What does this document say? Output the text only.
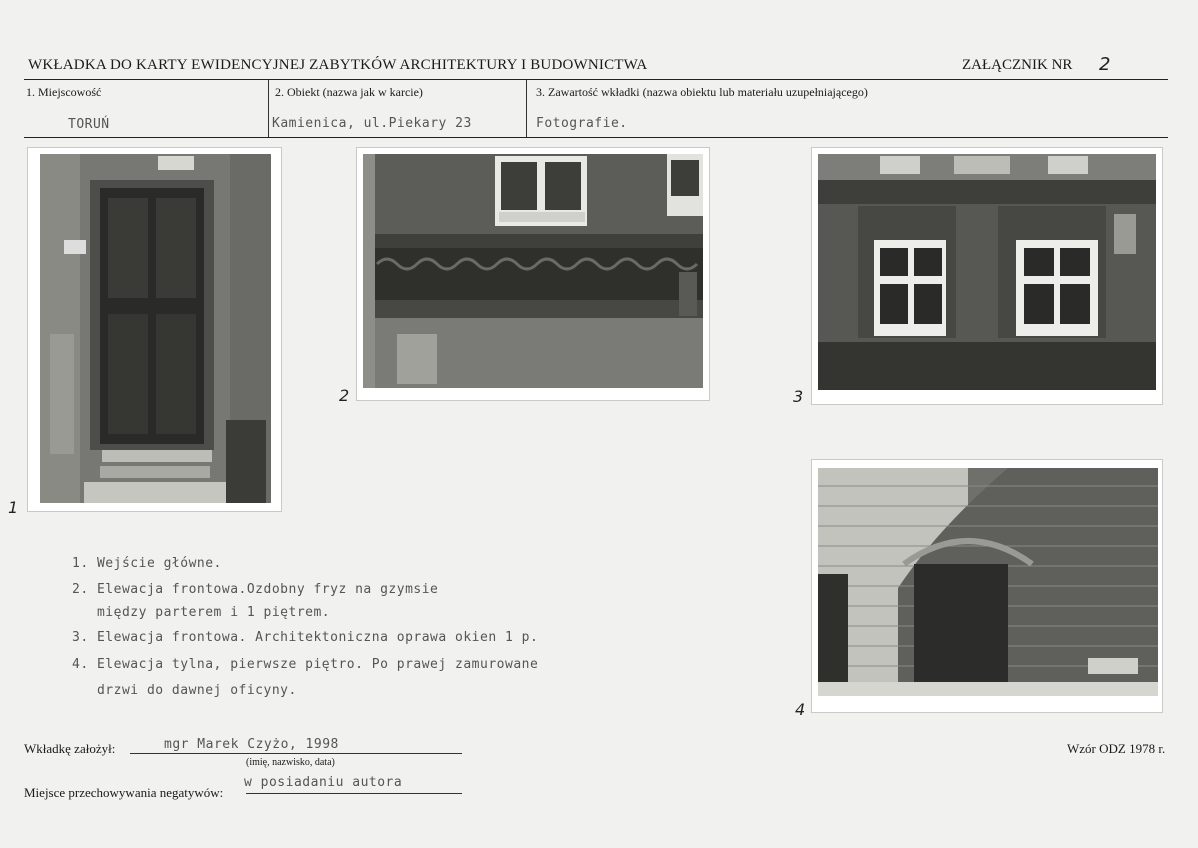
WKŁADKA DO KARTY EWIDENCYJNEJ ZABYTKÓW ARCHITEKTURY I BUDOWNICTWA	ZAŁĄCZNIK NR 2
1. Miejscowość
TORUŃ
2. Obiekt (nazwa jak w karcie)
Kamienica, ul.Piekary 23
3. Zawartość wkładki (nazwa obiektu lub materiału uzupełniającego)
Fotografie.
1
2	3
4
1. Wejście główne.
2. Elewacja frontowa.Ozdobny fryz na gzymsie
między parterem i 1 piętrem.
3. Elewacja frontowa. Architektoniczna oprawa okien 1 p.
4. Elewacja tylna, pierwsze piętro. Po prawej zamurowane
drzwi do dawnej oficyny.
Wkładkę założył:	mgr Marek Czyżo, 1998
(imię, nazwisko, data)
Miejsce przechowywania negatywów:
w posiadaniu autora
Wzór ODZ 1978 r.
